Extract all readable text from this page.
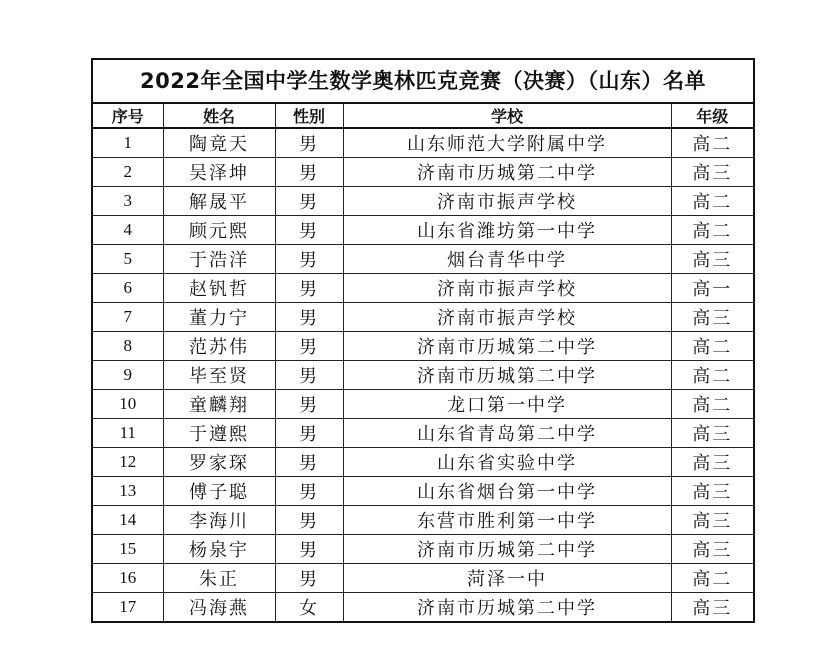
2022年全国中学生数学奥林匹克竞赛（决赛）（山东）名单
序号	姓名	性别	学校	年级
1	陶竟天	男	山东师范大学附属中学	高二
2	吴泽坤	男	济南市历城第二中学	高三
3	解晟平	男	济南市振声学校	高二
4	顾元熙	男	山东省潍坊第一中学	高二
5	于浩洋	男	烟台青华中学	高三
6	赵钒哲	男	济南市振声学校	高一
7	董力宁	男	济南市振声学校	高三
8	范苏伟	男	济南市历城第二中学	高二
9	毕至贤	男	济南市历城第二中学	高二
10	童麟翔	男	龙口第一中学	高二
11	于遵熙	男	山东省青岛第二中学	高三
12	罗家琛	男	山东省实验中学	高三
13	傅子聪	男	山东省烟台第一中学	高三
14	李海川	男	东营市胜利第一中学	高三
15	杨泉宇	男	济南市历城第二中学	高三
16	朱正	男	菏泽一中	高二
17	冯海燕	女	济南市历城第二中学	高三
